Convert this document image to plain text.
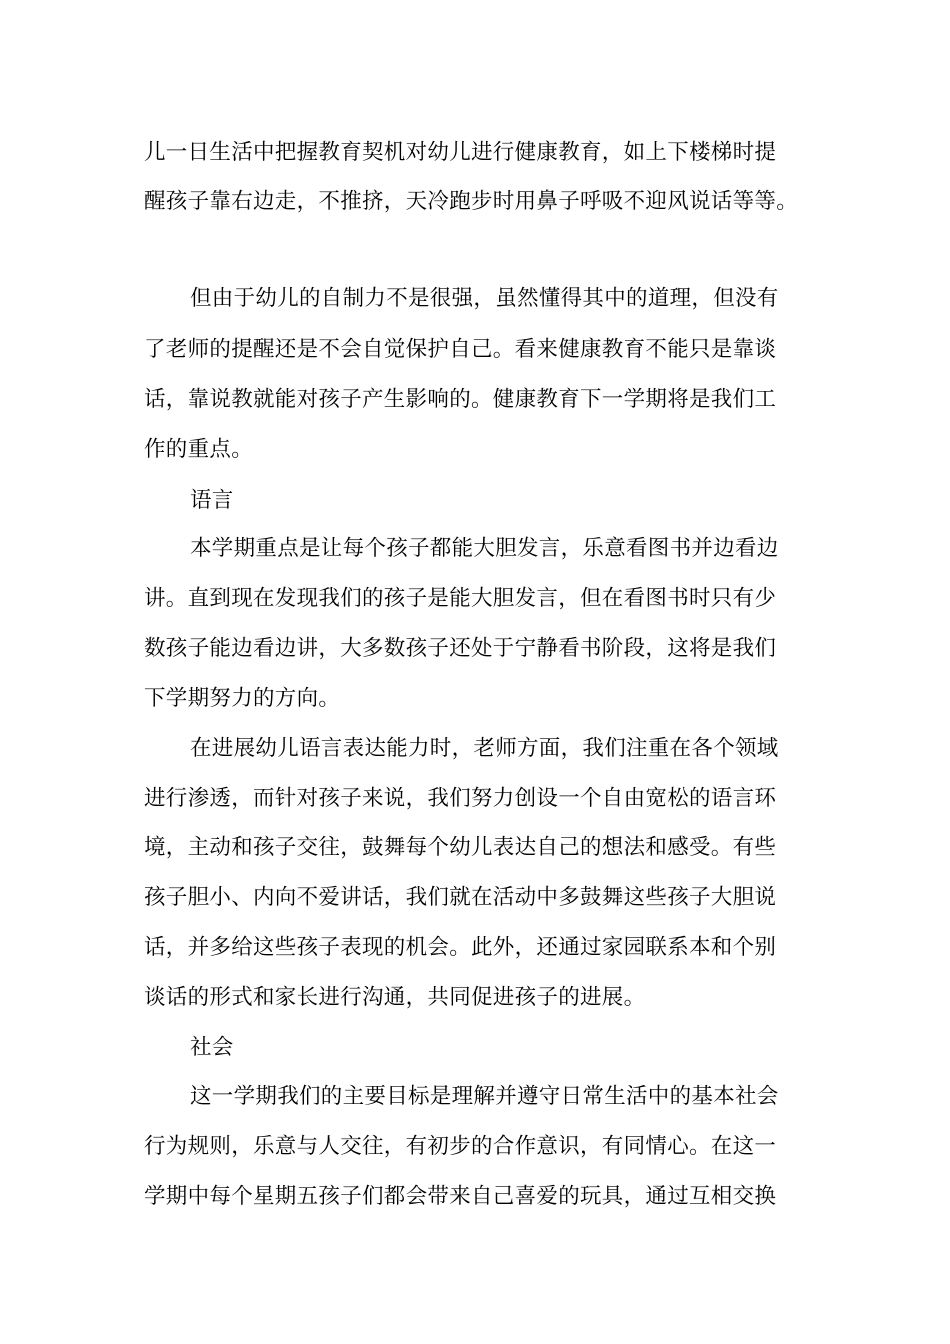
儿一日生活中把握教育契机对幼儿进行健康教育，如上下楼梯时提
醒孩子靠右边走，不推挤，天冷跑步时用鼻子呼吸不迎风说话等等。
但由于幼儿的自制力不是很强，虽然懂得其中的道理，但没有
了老师的提醒还是不会自觉保护自己。看来健康教育不能只是靠谈
话，靠说教就能对孩子产生影响的。健康教育下一学期将是我们工
作的重点。
语言
本学期重点是让每个孩子都能大胆发言，乐意看图书并边看边
讲。直到现在发现我们的孩子是能大胆发言，但在看图书时只有少
数孩子能边看边讲，大多数孩子还处于宁静看书阶段，这将是我们
下学期努力的方向。
在进展幼儿语言表达能力时，老师方面，我们注重在各个领域
进行渗透，而针对孩子来说，我们努力创设一个自由宽松的语言环
境，主动和孩子交往，鼓舞每个幼儿表达自己的想法和感受。有些
孩子胆小、内向不爱讲话，我们就在活动中多鼓舞这些孩子大胆说
话，并多给这些孩子表现的机会。此外，还通过家园联系本和个别
谈话的形式和家长进行沟通，共同促进孩子的进展。
社会
这一学期我们的主要目标是理解并遵守日常生活中的基本社会
行为规则，乐意与人交往，有初步的合作意识，有同情心。在这一
学期中每个星期五孩子们都会带来自己喜爱的玩具，通过互相交换
